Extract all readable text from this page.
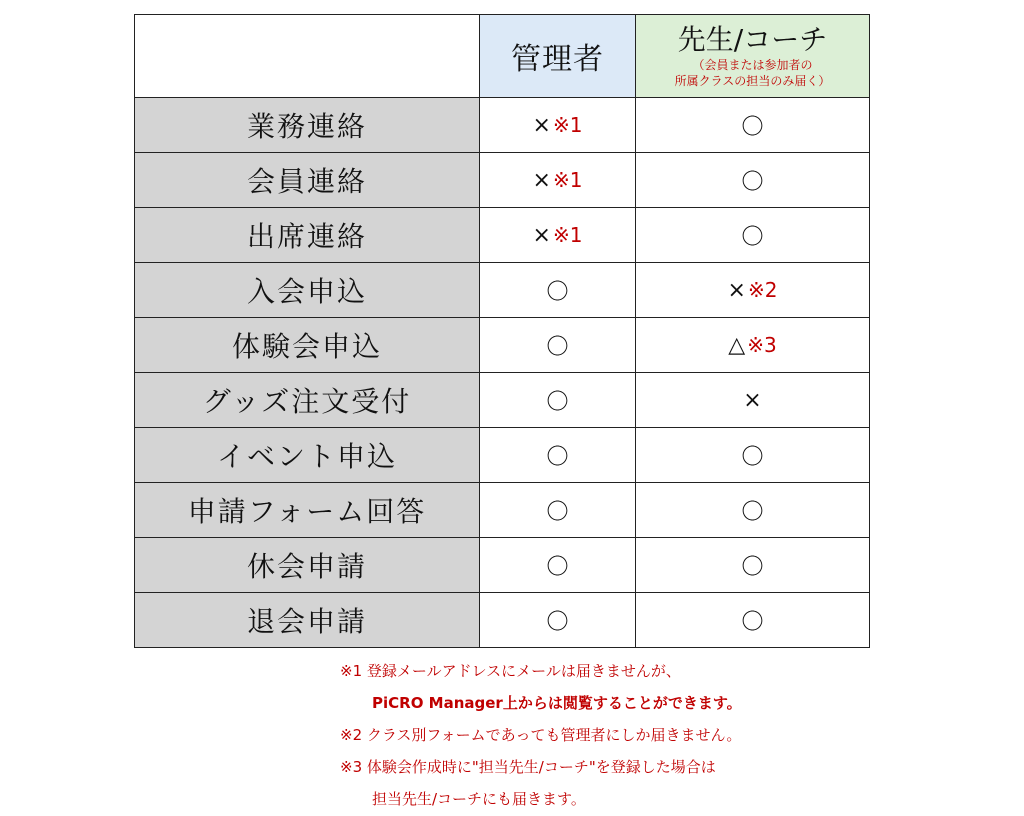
	管理者	先生/コーチ
（会員または参加者の
所属クラスの担当のみ届く）

業務連絡	× ※1	〇
会員連絡	× ※1	〇
出席連絡	× ※1	〇
入会申込	〇	× ※2
体験会申込	〇	△ ※3
グッズ注文受付	〇	×
イベント申込	〇	〇
申請フォーム回答	〇	〇
休会申請	〇	〇
退会申請	〇	〇
※1 登録メールアドレスにメールは届きませんが、
PiCRO Manager上からは閲覧することができます。
※2 クラス別フォームであっても管理者にしか届きません。
※3 体験会作成時に"担当先生/コーチ"を登録した場合は
担当先生/コーチにも届きます。
